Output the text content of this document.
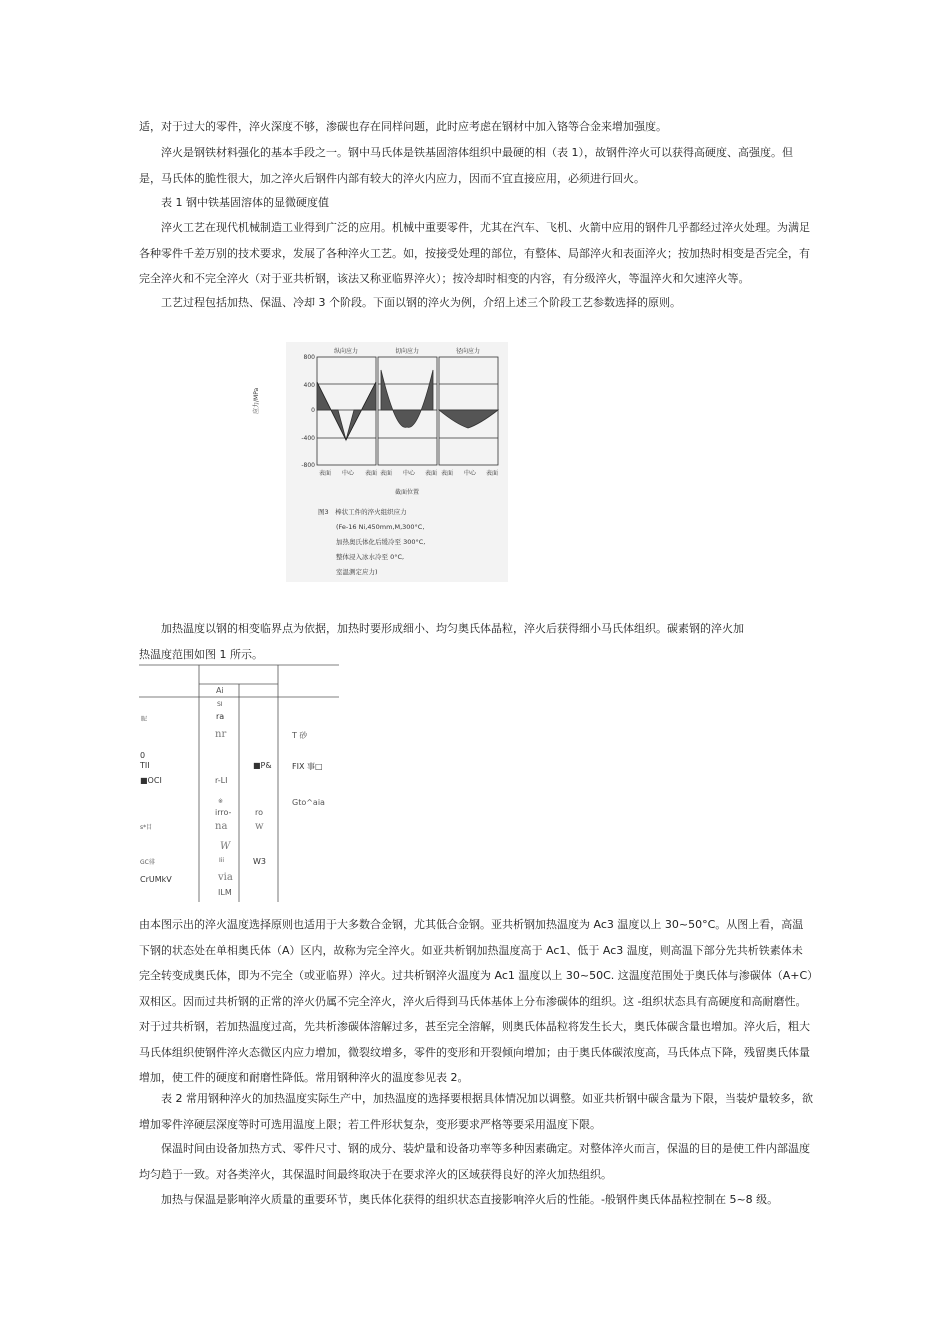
适，对于过大的零件，淬火深度不够，渗碳也存在同样问题，此时应考虑在钢材中加入铬等合金来增加强度。

淬火是钢铁材料强化的基本手段之一。钢中马氏体是铁基固溶体组织中最硬的相（表 1），故钢件淬火可以获得高硬度、高强度。但是，马氏体的脆性很大，加之淬火后钢件内部有较大的淬火内应力，因而不宜直接应用，必须进行回火。

表 1 钢中铁基固溶体的显微硬度值

淬火工艺在现代机械制造工业得到广泛的应用。机械中重要零件，尤其在汽车、飞机、火箭中应用的钢件几乎都经过淬火处理。为满足各种零件千差万别的技术要求，发展了各种淬火工艺。如，按接受处理的部位，有整体、局部淬火和表面淬火；按加热时相变是否完全，有完全淬火和不完全淬火（对于亚共析钢，该法又称亚临界淬火）；按冷却时相变的内容，有分级淬火，等温淬火和欠速淬火等。

工艺过程包括加热、保温、冷却 3 个阶段。下面以钢的淬火为例，介绍上述三个阶段工艺参数选择的原则。

纵向应力	切向应力	径向应力
应力/MPa
800
400
0
-400
-800
表面 中心 表面 表面 中心 表面 表面 中心 表面
截面位置
图3　棒状工件的淬火组织应力
(Fe-16 Ni,450mm,M,300°C,
加热奥氏体化后缓冷至 300°C,
整体浸入冰水冷至 0°C,
室温测定应力)

加热温度以钢的相变临界点为依据，加热时要形成细小、均匀奥氏体晶粒，淬火后获得细小马氏体组织。碳素钢的淬火加

热温度范围如图 1 所示。

Ai
SI
ra
nr
昵
T 砂
0
TII	■P&	FIX 事□
■OCI	r-LI
Gto^aia
※
irro-	ro
s*目	na	w
W
GC徘	Iii	W3
CrUMkV	via
ILM

由本图示出的淬火温度选择原则也适用于大多数合金钢，尤其低合金钢。亚共析钢加热温度为 Ac3 温度以上 30~50°C。从图上看，高温下钢的状态处在单相奥氏体（A）区内，故称为完全淬火。如亚共析钢加热温度高于 Ac1、低于 Ac3 温度，则高温下部分先共析铁素体未完全转变成奥氏体，即为不完全（或亚临界）淬火。过共析钢淬火温度为 Ac1 温度以上 30~50C. 这温度范围处于奥氏体与渗碳体（A+C）双相区。因而过共析钢的正常的淬火仍属不完全淬火，淬火后得到马氏体基体上分布渗碳体的组织。这 -组织状态具有高硬度和高耐磨性。对于过共析钢，若加热温度过高，先共析渗碳体溶解过多，甚至完全溶解，则奥氏体晶粒将发生长大，奥氏体碳含量也增加。淬火后，粗大马氏体组织使钢件淬火态微区内应力增加，微裂纹增多，零件的变形和开裂倾向增加；由于奥氏体碳浓度高，马氏体点下降，残留奥氏体量增加，使工件的硬度和耐磨性降低。常用钢种淬火的温度参见表 2。

表 2 常用钢种淬火的加热温度实际生产中，加热温度的选择要根据具体情况加以调整。如亚共析钢中碳含量为下限，当装炉量较多，欲增加零件淬硬层深度等时可选用温度上限；若工件形状复杂，变形要求严格等要采用温度下限。

保温时间由设备加热方式、零件尺寸、钢的成分、装炉量和设备功率等多种因素确定。对整体淬火而言，保温的目的是使工件内部温度均匀趋于一致。对各类淬火，其保温时间最终取决于在要求淬火的区域获得良好的淬火加热组织。

加热与保温是影响淬火质量的重要环节，奥氏体化获得的组织状态直接影响淬火后的性能。-般钢件奥氏体晶粒控制在 5~8 级。
